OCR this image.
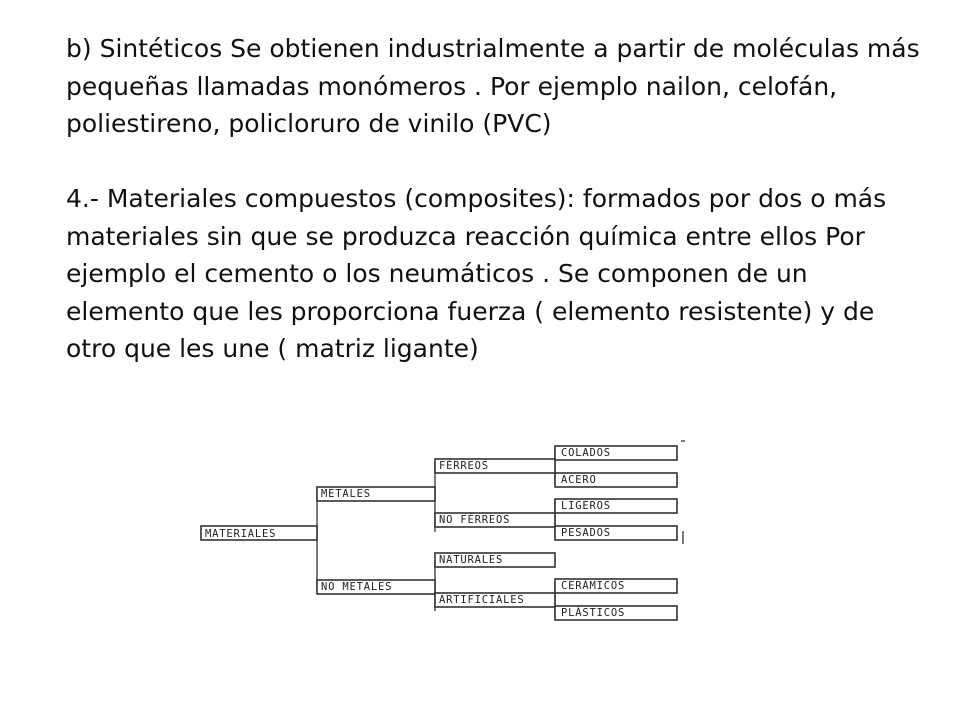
b) Sintéticos Se obtienen industrialmente a partir de moléculas más pequeñas llamadas monómeros . Por ejemplo nailon, celofán, poliestireno, policloruro de vinilo (PVC)

4.- Materiales compuestos (composites): formados por dos o más materiales sin que se produzca reacción química entre ellos Por ejemplo el cemento o los neumáticos . Se componen de un elemento que les proporciona fuerza ( elemento resistente) y de otro que les une ( matriz ligante)

MATERIALES
METALES
NO METALES
FÉRREOS
NO FÉRREOS
NATURALES
ARTIFICIALES
COLADOS
ACERO
LIGEROS
PESADOS
CERÁMICOS
PLÁSTICOS
